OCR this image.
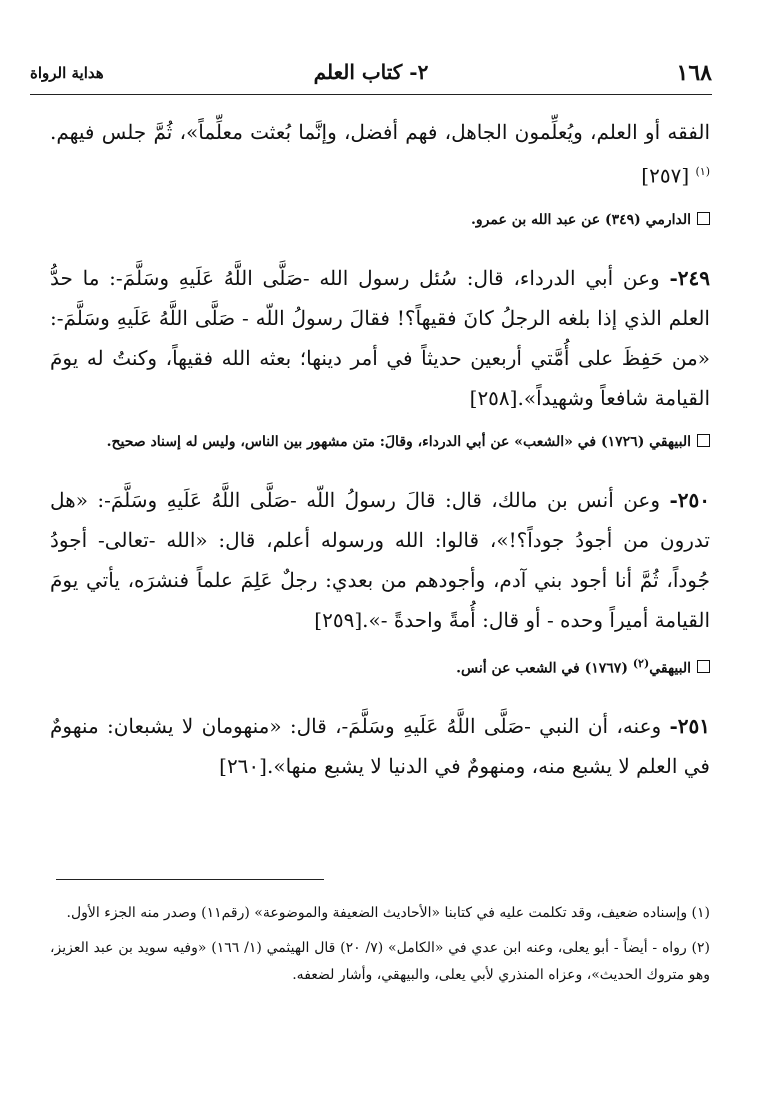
١٦٨
٢- كتاب العلم
هداية الرواة

الفقه أو العلم، ويُعلِّمون الجاهل، فهم أفضل، وإنَّما بُعثت معلِّماً»، ثُمَّ جلس فيهم.$^{(١)}$ [٢٥٧]

الدارمي (٣٤٩) عن عبد الله بن عمرو.

٢٤٩- وعن أبي الدرداء، قال: سُئل رسول الله -صَلَّى اللَّهُ عَلَيهِ وسَلَّمَ-: ما حدُّ العلم الذي إذا بلغه الرجلُ كانَ فقيهاً؟! فقالَ رسولُ اللّه - صَلَّى اللَّهُ عَلَيهِ وسَلَّمَ-: «من حَفِظَ على أُمَّتي أربعين حديثاً في أمر دينها؛ بعثه الله فقيهاً، وكنتُ له يومَ القيامة شافعاً وشهيداً».[٢٥٨]

البيهقي (١٧٢٦) في «الشعب» عن أبي الدرداء، وقالَ: متن مشهور بين الناس، وليس له إسناد صحيح.

٢٥٠- وعن أنس بن مالك، قال: قالَ رسولُ اللّه -صَلَّى اللَّهُ عَلَيهِ وسَلَّمَ-: «هل تدرون من أجودُ جوداً؟!»، قالوا: الله ورسوله أعلم، قال: «الله -تعالى- أجودُ جُوداً، ثُمَّ أنا أجود بني آدم، وأجودهم من بعدي: رجلٌ عَلِمَ علماً فنشرَه، يأتي يومَ القيامة أميراً وحده - أو قال: أُمةً واحدةً -».[٢٥٩]

البيهقي$^{(٢)}$ (١٧٦٧) في الشعب عن أنس.

٢٥١- وعنه، أن النبي -صَلَّى اللَّهُ عَلَيهِ وسَلَّمَ-، قال: «منهومان لا يشبعان: منهومٌ في العلم لا يشبع منه، ومنهومٌ في الدنيا لا يشبع منها».[٢٦٠]

(١) وإسناده ضعيف، وقد تكلمت عليه في كتابنا «الأحاديث الضعيفة والموضوعة» (رقم١١) وصدر منه الجزء الأول.

(٢) رواه - أيضاً - أبو يعلى، وعنه ابن عدي في «الكامل» (٧/ ٢٠) قال الهيثمي (١/ ١٦٦) «وفيه سويد بن عبد العزيز، وهو متروك الحديث»، وعزاه المنذري لأبي يعلى، والبيهقي، وأشار لضعفه.
